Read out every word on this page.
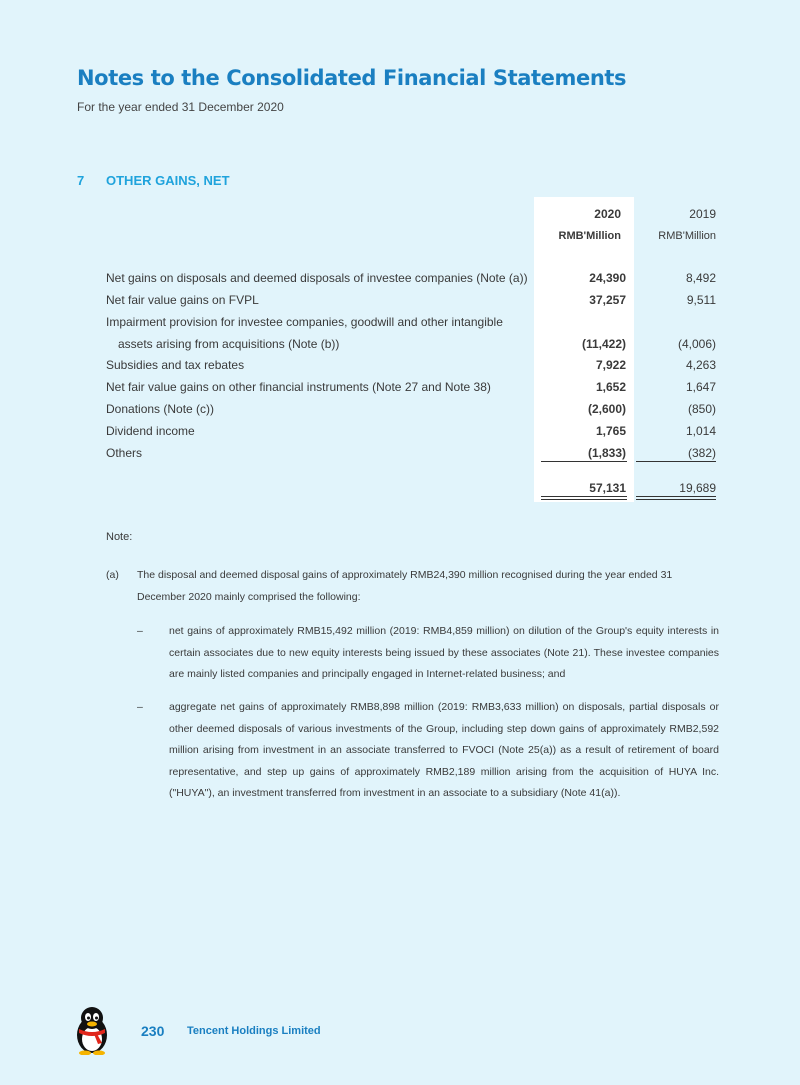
Notes to the Consolidated Financial Statements
For the year ended 31 December 2020
7 OTHER GAINS, NET
2020	2019
RMB'Million	RMB'Million
Net gains on disposals and deemed disposals of investee companies (Note (a))	24,390	8,492
Net fair value gains on FVPL	37,257	9,511
Impairment provision for investee companies, goodwill and other intangible
assets arising from acquisitions (Note (b))	(11,422)	(4,006)
Subsidies and tax rebates	7,922	4,263
Net fair value gains on other financial instruments (Note 27 and Note 38)	1,652	1,647
Donations (Note (c))	(2,600)	(850)
Dividend income	1,765	1,014
Others	(1,833)	(382)
57,131	19,689
Note:
(a) The disposal and deemed disposal gains of approximately RMB24,390 million recognised during the year ended 31 December 2020 mainly comprised the following:
– net gains of approximately RMB15,492 million (2019: RMB4,859 million) on dilution of the Group's equity interests in certain associates due to new equity interests being issued by these associates (Note 21). These investee companies are mainly listed companies and principally engaged in Internet-related business; and
– aggregate net gains of approximately RMB8,898 million (2019: RMB3,633 million) on disposals, partial disposals or other deemed disposals of various investments of the Group, including step down gains of approximately RMB2,592 million arising from investment in an associate transferred to FVOCI (Note 25(a)) as a result of retirement of board representative, and step up gains of approximately RMB2,189 million arising from the acquisition of HUYA Inc. ("HUYA"), an investment transferred from investment in an associate to a subsidiary (Note 41(a)).
230 Tencent Holdings Limited
